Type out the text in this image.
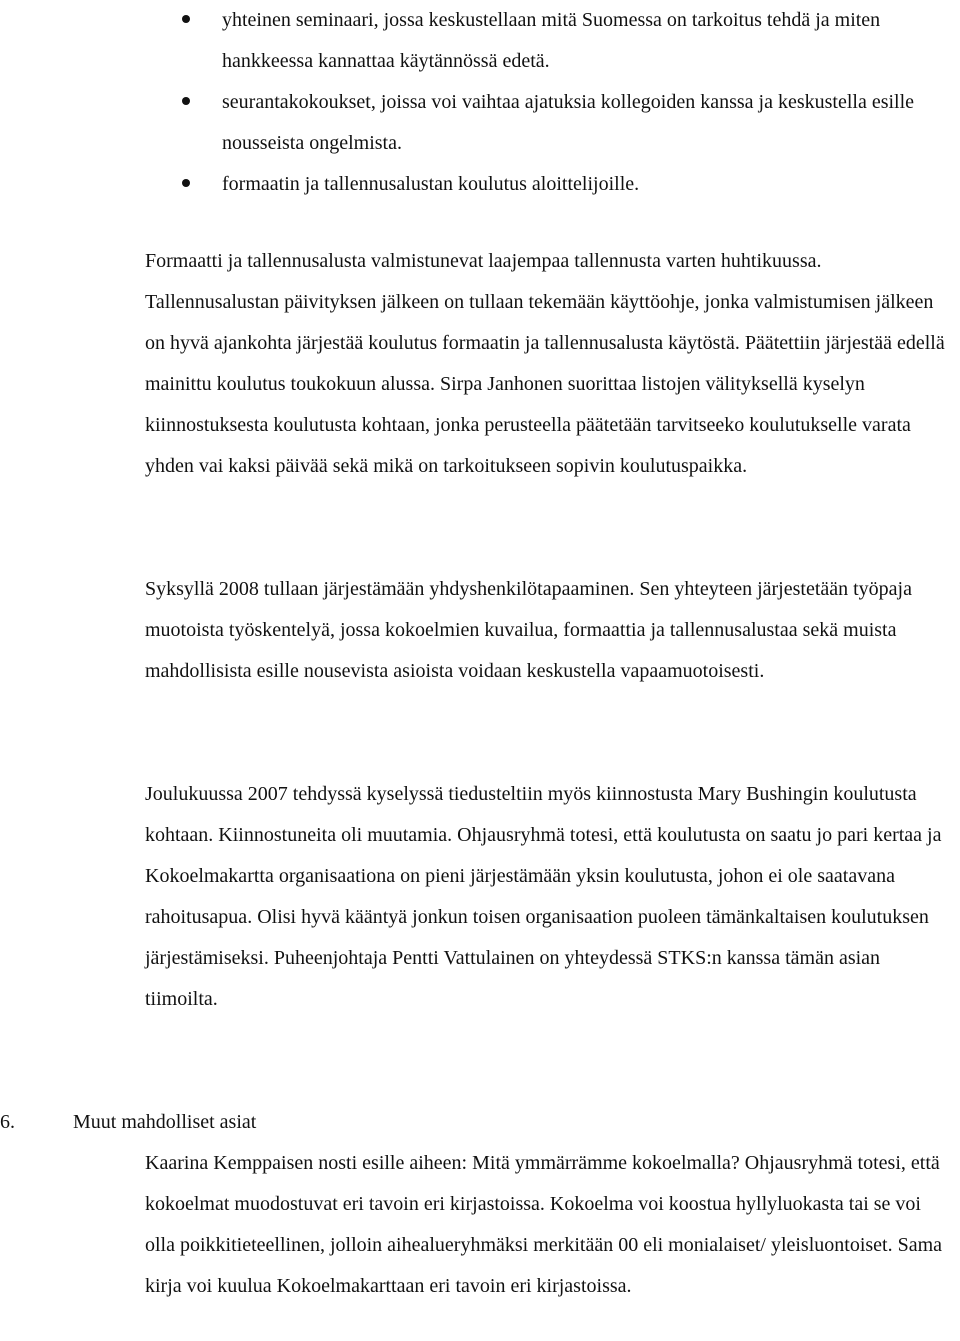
yhteinen seminaari, jossa keskustellaan mitä Suomessa on tarkoitus tehdä ja miten hankkeessa kannattaa käytännössä edetä.
seurantakokoukset, joissa voi vaihtaa ajatuksia kollegoiden kanssa ja keskustella esille nousseista ongelmista.
formaatin ja tallennusalustan koulutus aloittelijoille.

Formaatti ja tallennusalusta valmistunevat laajempaa tallennusta varten huhtikuussa. Tallennusalustan päivityksen jälkeen on tullaan tekemään käyttöohje, jonka valmistumisen jälkeen on hyvä ajankohta järjestää koulutus formaatin ja tallennusalusta käytöstä. Päätettiin järjestää edellä mainittu koulutus toukokuun alussa. Sirpa Janhonen suorittaa listojen välityksellä kyselyn kiinnostuksesta koulutusta kohtaan, jonka perusteella päätetään tarvitseeko koulutukselle varata yhden vai kaksi päivää sekä mikä on tarkoitukseen sopivin koulutuspaikka.

Syksyllä 2008 tullaan järjestämään yhdyshenkilötapaaminen. Sen yhteyteen järjestetään työpaja muotoista työskentelyä, jossa kokoelmien kuvailua, formaattia ja tallennusalustaa sekä muista mahdollisista esille nousevista asioista voidaan keskustella vapaamuotoisesti.

Joulukuussa 2007 tehdyssä kyselyssä tiedusteltiin myös kiinnostusta Mary Bushingin koulutusta kohtaan. Kiinnostuneita oli muutamia. Ohjausryhmä totesi, että koulutusta on saatu jo pari kertaa ja Kokoelmakartta organisaationa on pieni järjestämään yksin koulutusta, johon ei ole saatavana rahoitusapua. Olisi hyvä kääntyä jonkun toisen organisaation puoleen tämänkaltaisen koulutuksen järjestämiseksi. Puheenjohtaja Pentti Vattulainen on yhteydessä STKS:n kanssa tämän asian tiimoilta.

6.	Muut mahdolliset asiat

Kaarina Kemppaisen nosti esille aiheen: Mitä ymmärrämme kokoelmalla? Ohjausryhmä totesi, että kokoelmat muodostuvat eri tavoin eri kirjastoissa. Kokoelma voi koostua hyllyluokasta tai se voi olla poikkitieteellinen, jolloin aihealueryhmäksi merkitään 00 eli monialaiset/ yleisluontoiset. Sama kirja voi kuulua Kokoelmakarttaan eri tavoin eri kirjastoissa.
